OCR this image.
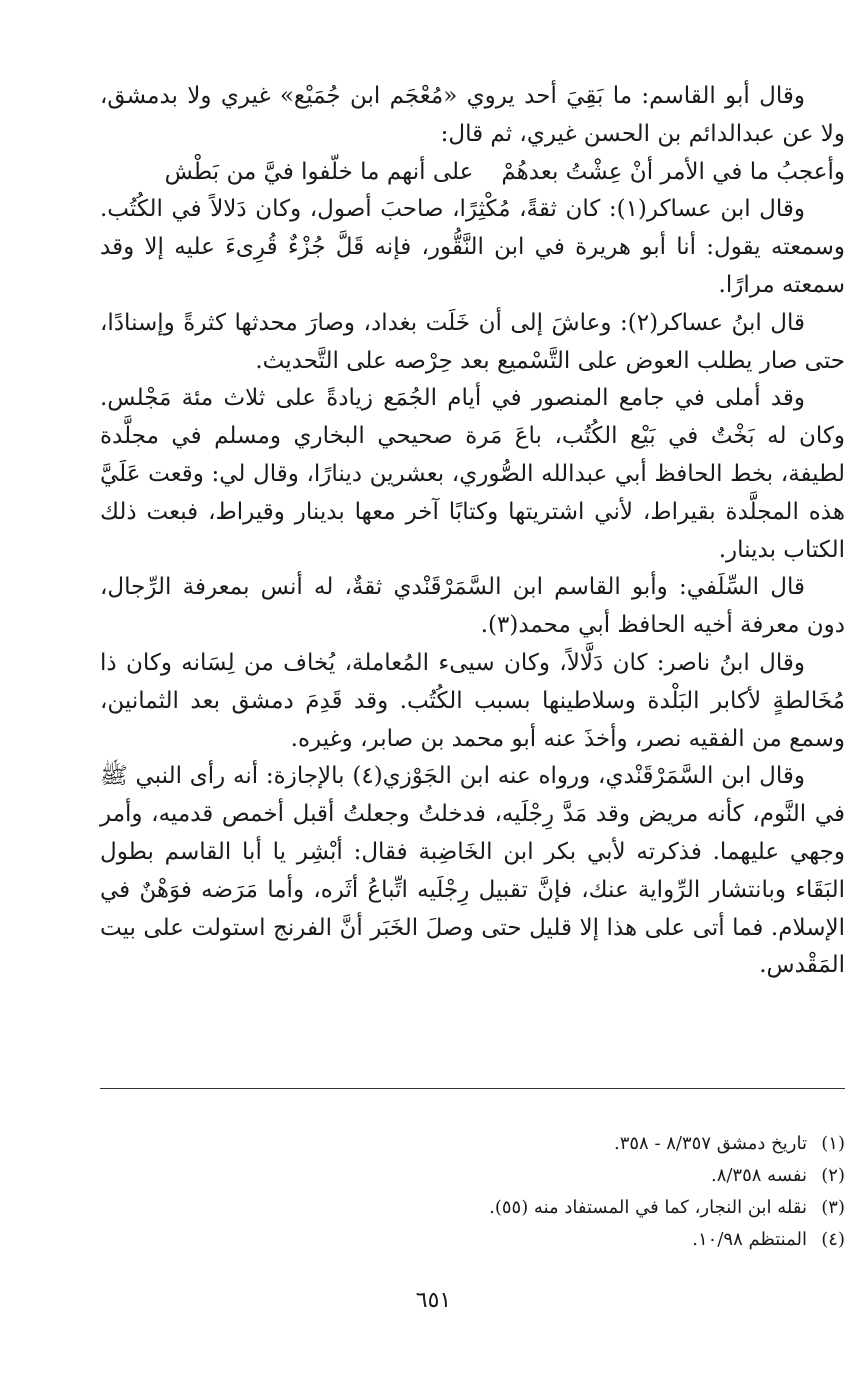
وقال أبو القاسم: ما بَقِيَ أحد يروي «مُعْجَم ابن جُمَيْع» غيري ولا بدمشق، ولا عن عبدالدائم بن الحسن غيري، ثم قال:

وأعجبُ ما في الأمر أنْ عِشْتُ بعدهُمْعلى أنهم ما خلَّفوا فيَّ من بَطْش

وقال ابن عساكر(١): كان ثقةً، مُكْثِرًا، صاحبَ أصول، وكان دَلالاً في الكُتُب. وسمعته يقول: أنا أبو هريرة في ابن النَّقُّور، فإنه قَلَّ جُزْءٌ قُرِىءَ عليه إلا وقد سمعته مرارًا.

قال ابنُ عساكر(٢): وعاشَ إلى أن خَلَت بغداد، وصارَ محدثها كثرةً وإسنادًا، حتى صار يطلب العوض على التَّسْميع بعد حِرْصه على التَّحديث.

وقد أملى في جامع المنصور في أيام الجُمَع زيادةً على ثلاث مئة مَجْلس. وكان له بَخْتٌ في بَيْع الكُتُب، باعَ مَرة صحيحي البخاري ومسلم في مجلَّدة لطيفة، بخط الحافظ أبي عبدالله الصُّوري، بعشرين دينارًا، وقال لي: وقعت عَلَيَّ هذه المجلَّدة بقيراط، لأني اشتريتها وكتابًا آخر معها بدينار وقيراط، فبعت ذلك الكتاب بدينار.

قال السِّلَفي: وأبو القاسم ابن السَّمَرْقَنْدي ثقةٌ، له أنس بمعرفة الرِّجال، دون معرفة أخيه الحافظ أبي محمد(٣).

وقال ابنُ ناصر: كان دَلَّالاً، وكان سيىء المُعاملة، يُخاف من لِسَانه وكان ذا مُخَالطةٍ لأكابر البَلْدة وسلاطينها بسبب الكُتُب. وقد قَدِمَ دمشق بعد الثمانين، وسمع من الفقيه نصر، وأخذَ عنه أبو محمد بن صابر، وغيره.

وقال ابن السَّمَرْقَنْدي، ورواه عنه ابن الجَوْزي(٤) بالإجازة: أنه رأى النبي ﷺ في النَّوم، كأنه مريض وقد مَدَّ رِجْلَيه، فدخلتُ وجعلتُ أقبل أخمص قدميه، وأمر وجهي عليهما. فذكرته لأبي بكر ابن الخَاضِبة فقال: أبْشِر يا أبا القاسم بطول البَقَاء وبانتشار الرِّواية عنك، فإنَّ تقبيل رِجْلَيه اتِّباعُ أثَره، وأما مَرَضه فوَهْنٌ في الإسلام. فما أتى على هذا إلا قليل حتى وصلَ الخَبَر أنَّ الفرنج استولت على بيت المَقْدس.

(١)تاريخ دمشق ٨/٣٥٧ - ٣٥٨.

(٢)نفسه ٨/٣٥٨.

(٣)نقله ابن النجار، كما في المستفاد منه (٥٥).

(٤)المنتظم ١٠/٩٨.

٦٥١
